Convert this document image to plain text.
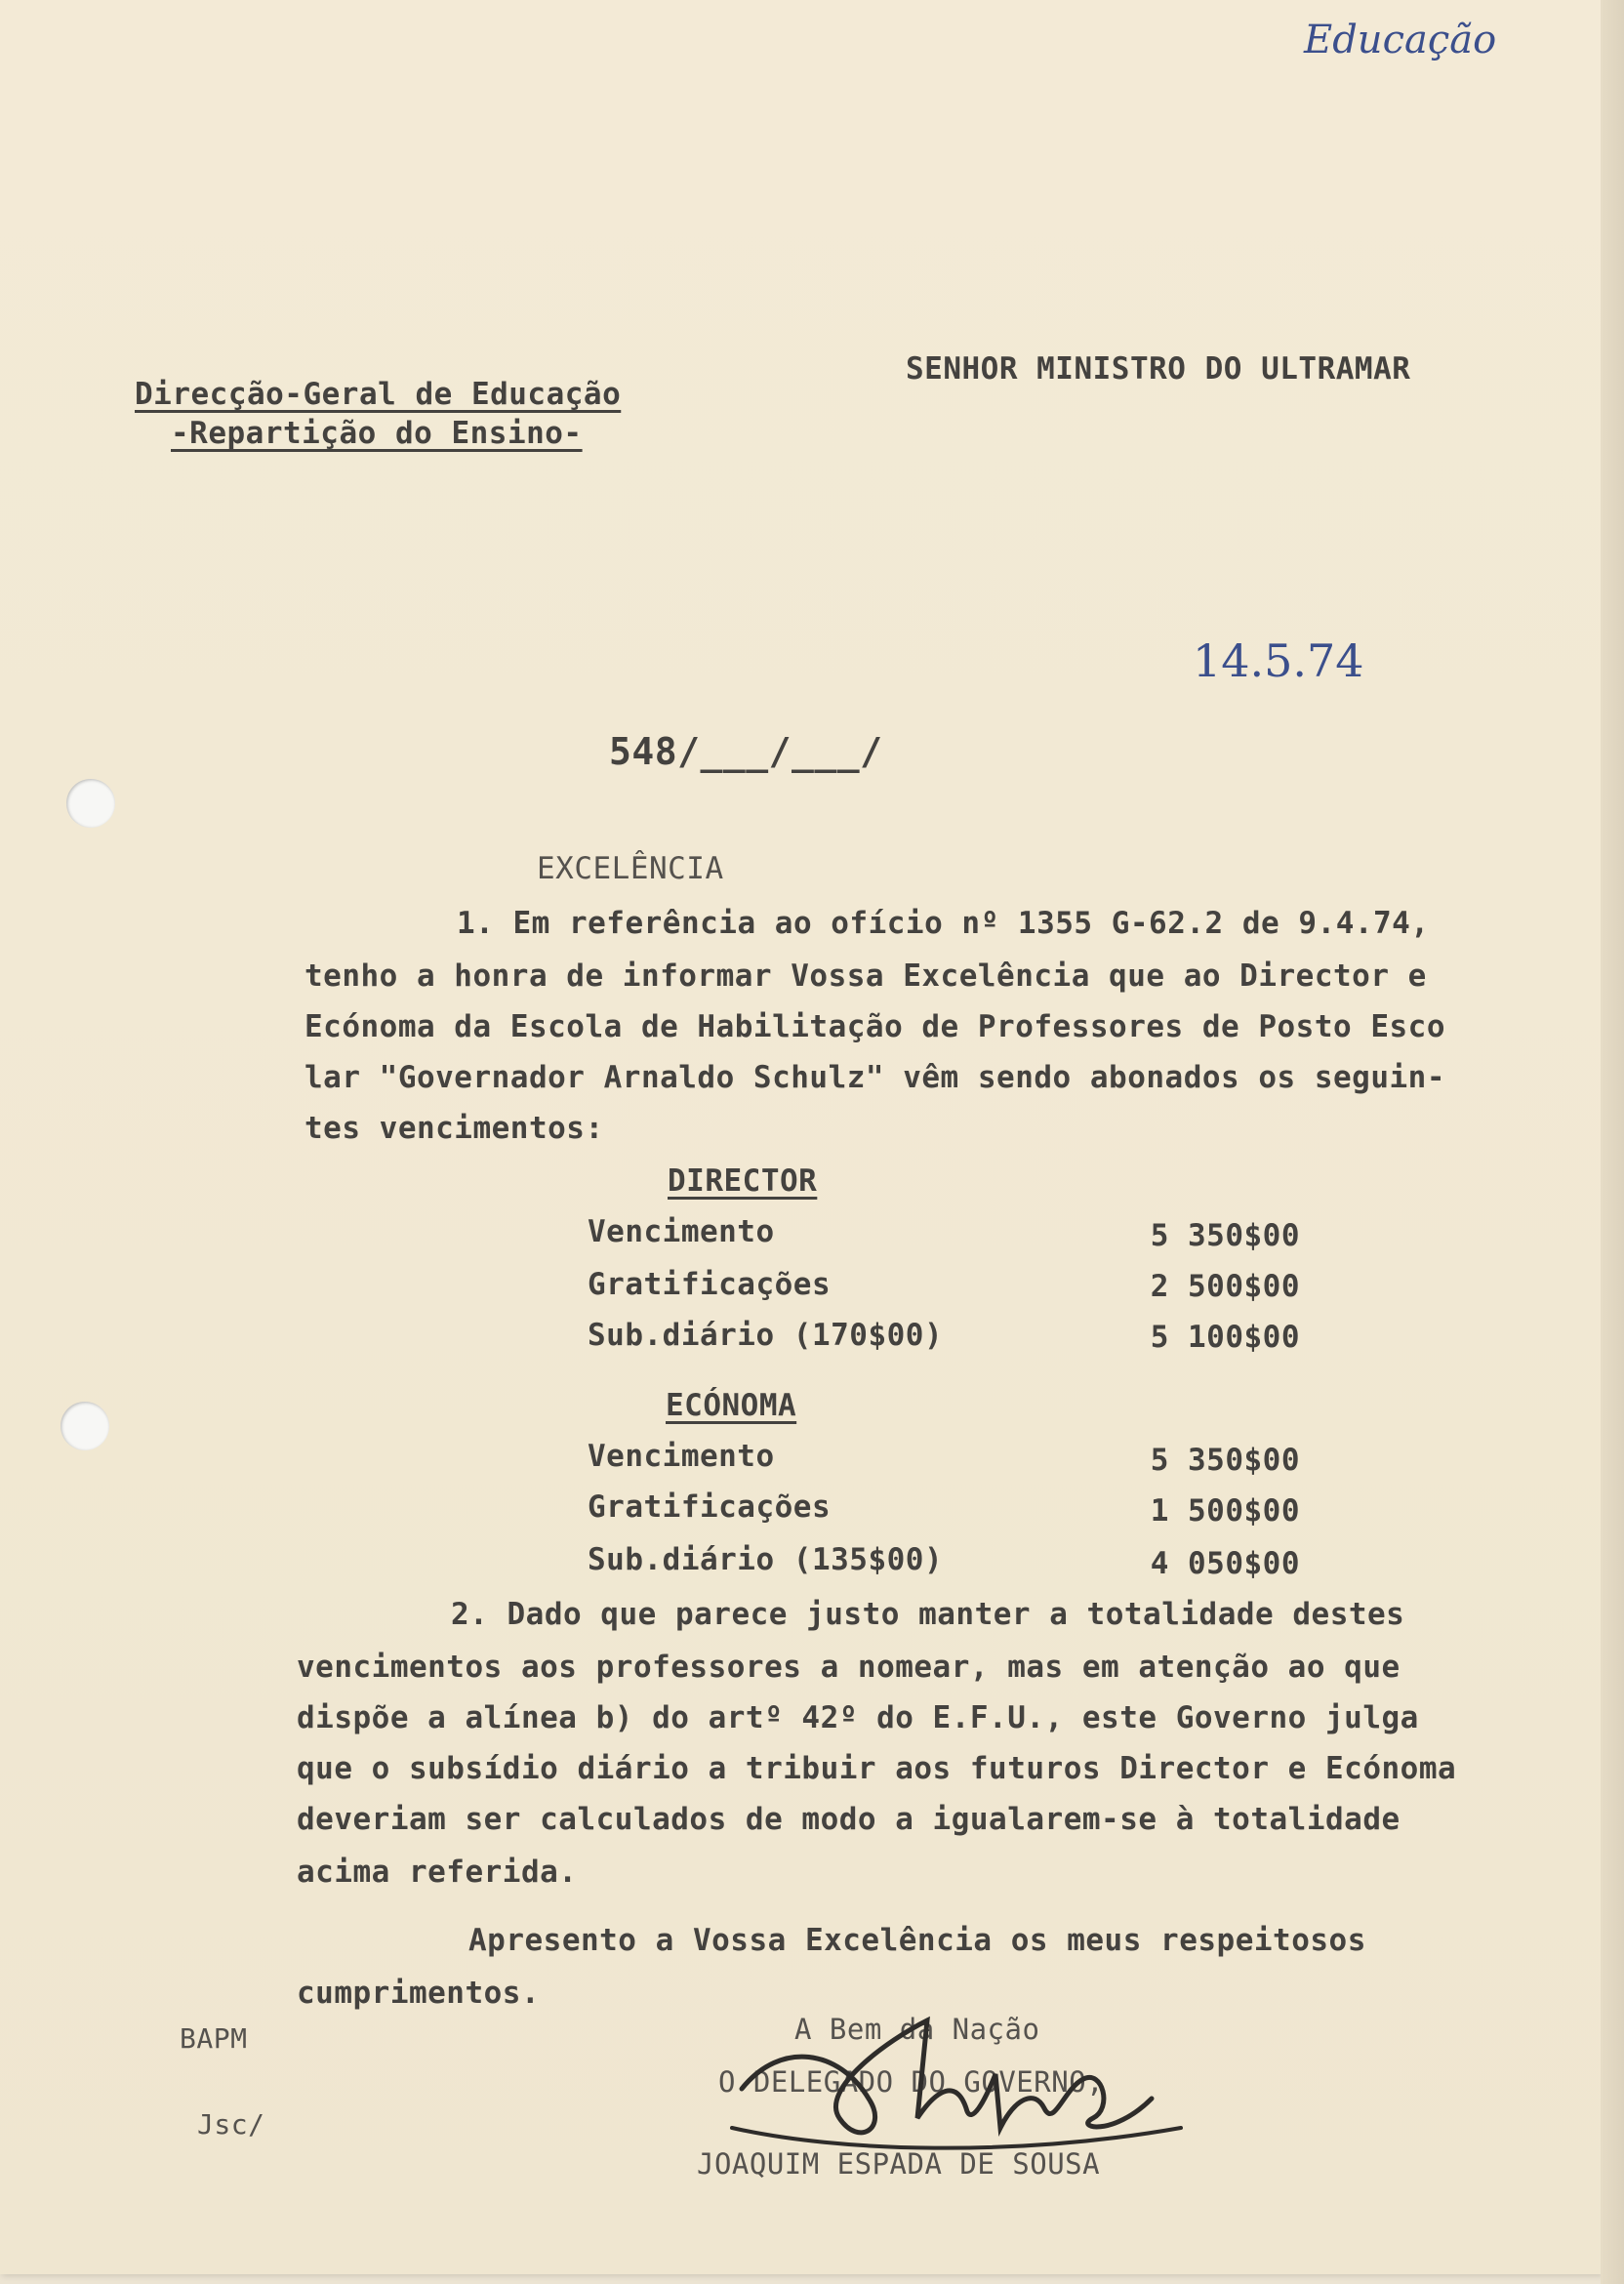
Educação
Direcção-Geral de Educação
-Repartição do Ensino-
SENHOR MINISTRO DO ULTRAMAR
14.5.74
548/___/___/
EXCELÊNCIA
1. Em referência ao ofício nº 1355 G-62.2 de 9.4.74,
tenho a honra de informar Vossa Excelência que ao Director e
Ecónoma da Escola de Habilitação de Professores de Posto Esco
lar "Governador Arnaldo Schulz" vêm sendo abonados os seguin-
tes vencimentos:
DIRECTOR
Vencimento	5 350$00
Gratificações	2 500$00
Sub.diário (170$00)	5 100$00
ECÓNOMA
Vencimento	5 350$00
Gratificações	1 500$00
Sub.diário (135$00)	4 050$00
2. Dado que parece justo manter a totalidade destes
vencimentos aos professores a nomear, mas em atenção ao que
dispõe a alínea b) do artº 42º do E.F.U., este Governo julga
que o subsídio diário a tribuir aos futuros Director e Ecónoma
deveriam ser calculados de modo a igualarem-se à totalidade
acima referida.
Apresento a Vossa Excelência os meus respeitosos
cumprimentos.
A Bem da Nação
O DELEGADO DO GOVERNO,
JOAQUIM ESPADA DE SOUSA
BAPM
Jsc/
